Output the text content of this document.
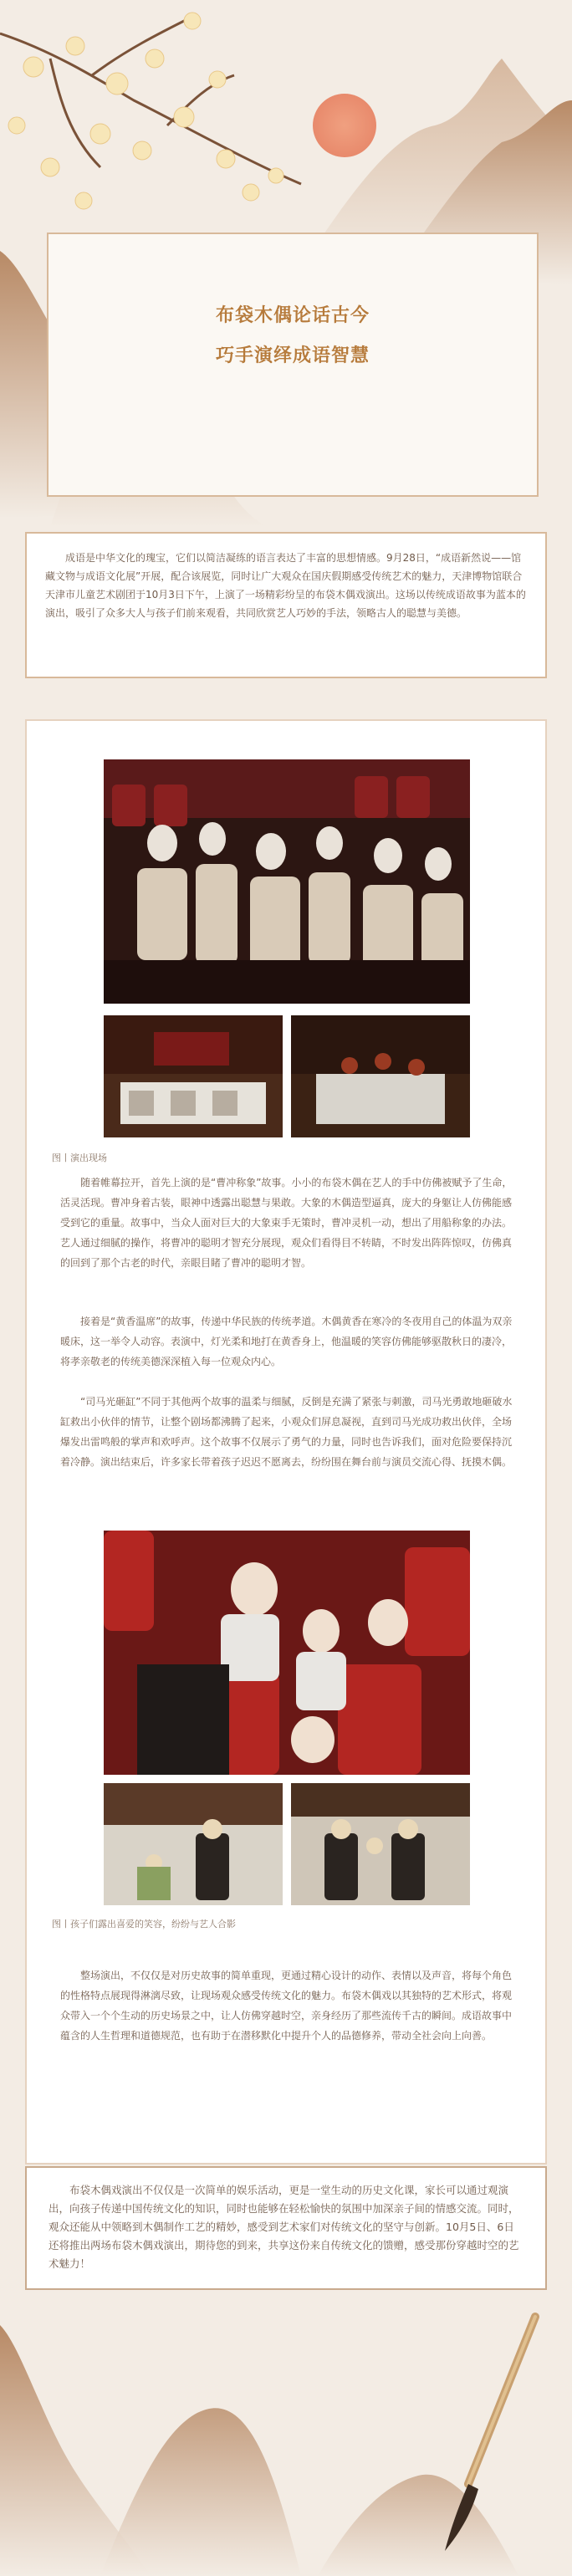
布袋木偶论话古今
巧手演绎成语智慧
成语是中华文化的瑰宝，它们以简洁凝练的语言表达了丰富的思想情感。9月28日，“成语新然说——馆藏文物与成语文化展”开展，配合该展览，同时让广大观众在国庆假期感受传统艺术的魅力，天津博物馆联合天津市儿童艺术剧团于10月3日下午，上演了一场精彩纷呈的布袋木偶戏演出。这场以传统成语故事为蓝本的演出，吸引了众多大人与孩子们前来观看，共同欣赏艺人巧妙的手法，领略古人的聪慧与美德。
图丨演出现场
随着帷幕拉开，首先上演的是“曹冲称象”故事。小小的布袋木偶在艺人的手中仿佛被赋予了生命，活灵活现。曹冲身着古装，眼神中透露出聪慧与果敢。大象的木偶造型逼真，庞大的身躯让人仿佛能感受到它的重量。故事中，当众人面对巨大的大象束手无策时，曹冲灵机一动，想出了用船称象的办法。艺人通过细腻的操作，将曹冲的聪明才智充分展现，观众们看得目不转睛，不时发出阵阵惊叹，仿佛真的回到了那个古老的时代，亲眼目睹了曹冲的聪明才智。
接着是“黄香温席”的故事，传递中华民族的传统孝道。木偶黄香在寒冷的冬夜用自己的体温为双亲暖床，这一举令人动容。表演中，灯光柔和地打在黄香身上，他温暖的笑容仿佛能够驱散秋日的凄冷，将孝亲敬老的传统美德深深植入每一位观众内心。
“司马光砸缸”不同于其他两个故事的温柔与细腻，反倒是充满了紧张与刺激，司马光勇敢地砸破水缸救出小伙伴的情节，让整个剧场都沸腾了起来，小观众们屏息凝视，直到司马光成功救出伙伴，全场爆发出雷鸣般的掌声和欢呼声。这个故事不仅展示了勇气的力量，同时也告诉我们，面对危险要保持沉着冷静。演出结束后，许多家长带着孩子迟迟不愿离去，纷纷围在舞台前与演员交流心得、抚摸木偶。
图丨孩子们露出喜爱的笑容，纷纷与艺人合影
整场演出，不仅仅是对历史故事的简单重现，更通过精心设计的动作、表情以及声音，将每个角色的性格特点展现得淋漓尽致，让现场观众感受传统文化的魅力。布袋木偶戏以其独特的艺术形式，将观众带入一个个生动的历史场景之中，让人仿佛穿越时空，亲身经历了那些流传千古的瞬间。成语故事中蕴含的人生哲理和道德规范，也有助于在潜移默化中提升个人的品德修养，带动全社会向上向善。
布袋木偶戏演出不仅仅是一次简单的娱乐活动，更是一堂生动的历史文化课，家长可以通过观演出，向孩子传递中国传统文化的知识，同时也能够在轻松愉快的氛围中加深亲子间的情感交流。同时，观众还能从中领略到木偶制作工艺的精妙，感受到艺术家们对传统文化的坚守与创新。10月5日、6日还将推出两场布袋木偶戏演出，期待您的到来，共享这份来自传统文化的馈赠，感受那份穿越时空的艺术魅力！
